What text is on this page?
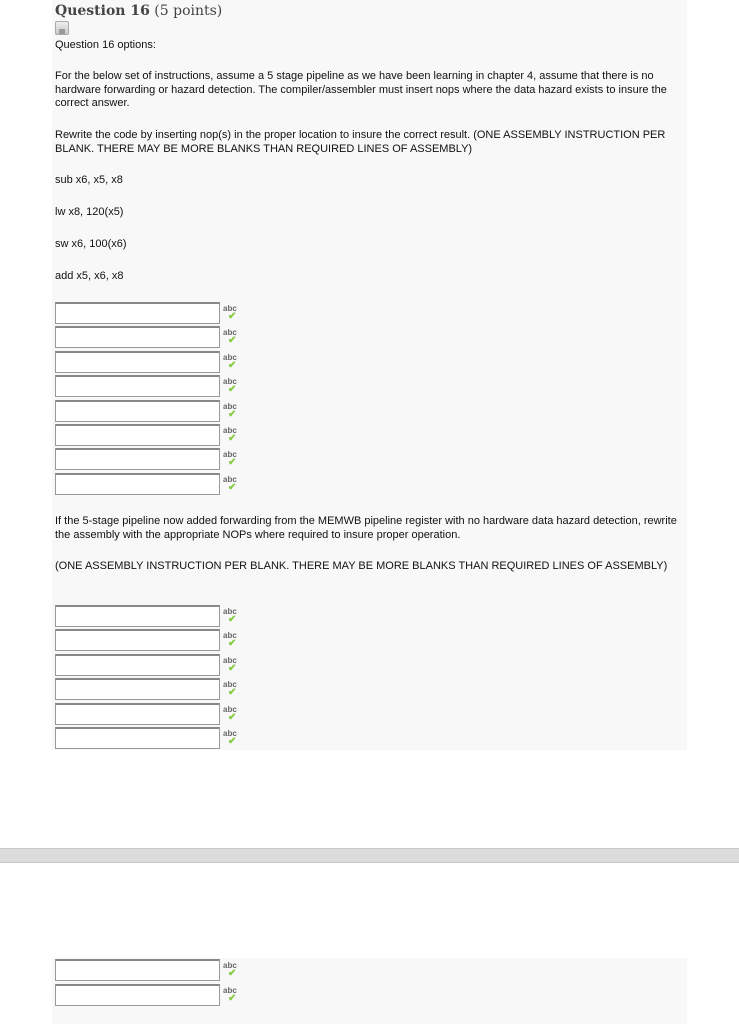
Question 16 (5 points)
Question 16 options:
For the below set of instructions, assume a 5 stage pipeline as we have been learning in chapter 4, assume that there is no hardware forwarding or hazard detection. The compiler/assembler must insert nops where the data hazard exists to insure the correct answer.
Rewrite the code by inserting nop(s) in the proper location to insure the correct result. (ONE ASSEMBLY INSTRUCTION PER BLANK. THERE MAY BE MORE BLANKS THAN REQUIRED LINES OF ASSEMBLY)
sub x6, x5, x8
lw x8, 120(x5)
sw x6, 100(x6)
add x5, x6, x8
abc ✔
abc ✔
abc ✔
abc ✔
abc ✔
abc ✔
abc ✔
abc ✔
If the 5-stage pipeline now added forwarding from the MEMWB pipeline register with no hardware data hazard detection, rewrite the assembly with the appropriate NOPs where required to insure proper operation.
(ONE ASSEMBLY INSTRUCTION PER BLANK. THERE MAY BE MORE BLANKS THAN REQUIRED LINES OF ASSEMBLY)
abc ✔
abc ✔
abc ✔
abc ✔
abc ✔
abc ✔
abc ✔
abc ✔
